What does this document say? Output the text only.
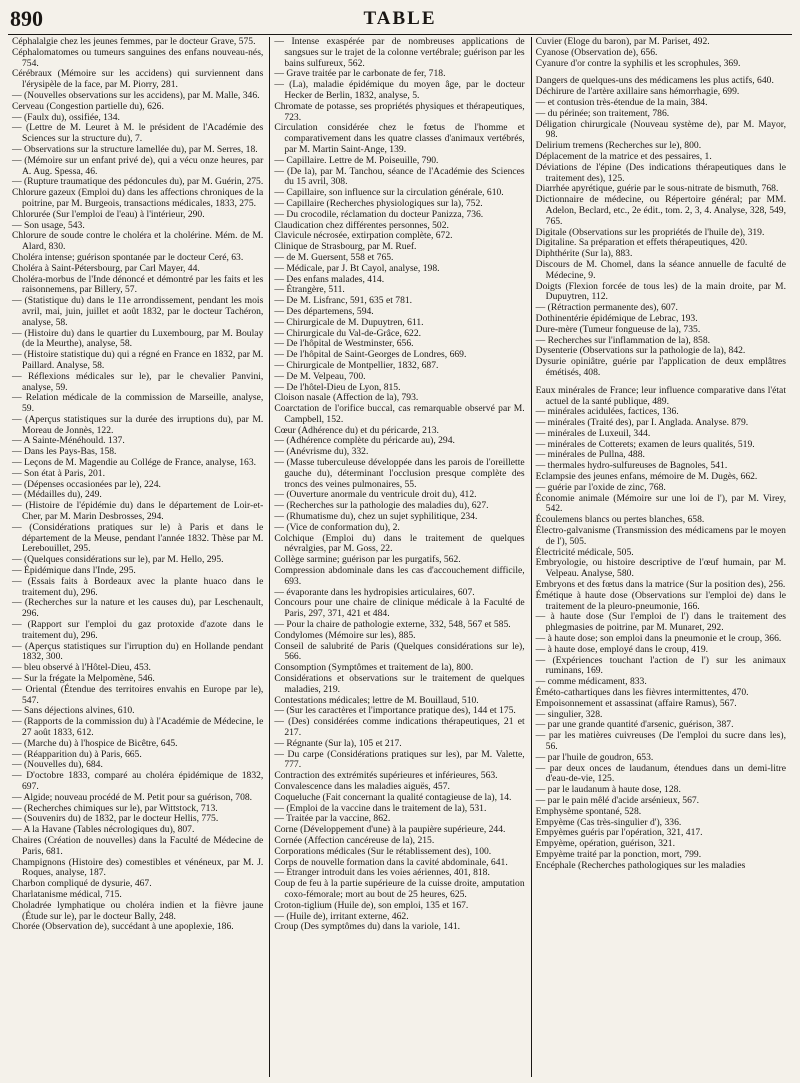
890	TABLE

Céphalalgie chez les jeunes femmes, par le docteur Grave, 575.

Céphalomatomes ou tumeurs sanguines des enfans nouveau-nés, 754.

Cérébraux (Mémoire sur les accidens) qui surviennent dans l'érysipèle de la face, par M. Piorry, 281.

— (Nouvelles observations sur les accidens), par M. Malle, 346.

Cerveau (Congestion partielle du), 626.

— (Faulx du), ossifiée, 134.

— (Lettre de M. Leuret à M. le président de l'Académie des Sciences sur la structure du), 7.

— Observations sur la structure lamellée du), par M. Serres, 18.

— (Mémoire sur un enfant privé de), qui a vécu onze heures, par A. Aug. Spessa, 46.

— (Rupture traumatique des pédoncules du), par M. Guérin, 275.

Chlorure gazeux (Emploi du) dans les affections chroniques de la poitrine, par M. Burgeois, transactions médicales, 1833, 275.

Chlorurée (Sur l'emploi de l'eau) à l'intérieur, 290.

— Son usage, 543.

Chlorure de soude contre le choléra et la cholérine. Mém. de M. Alard, 830.

Choléra intense; guérison spontanée par le docteur Ceré, 63.

Choléra à Saint-Pétersbourg, par Carl Mayer, 44.

Choléra-morbus de l'Inde dénoncé et démontré par les faits et les raisonnemens, par Billery, 57.

— (Statistique du) dans le 11e arrondissement, pendant les mois avril, mai, juin, juillet et août 1832, par le docteur Tachéron, analyse, 58.

— (Histoire du) dans le quartier du Luxembourg, par M. Boulay (de la Meurthe), analyse, 58.

— (Histoire statistique du) qui a régné en France en 1832, par M. Paillard. Analyse, 58.

— Réflexions médicales sur le), par le chevalier Panvini, analyse, 59.

— Relation médicale de la commission de Marseille, analyse, 59.

— (Aperçus statistiques sur la durée des irruptions du), par M. Moreau de Jonnès, 122.

— A Sainte-Ménéhould. 137.

— Dans les Pays-Bas, 158.

— Leçons de M. Magendie au Collége de France, analyse, 163.

— Son état à Paris, 201.

— (Dépenses occasionées par le), 224.

— (Médailles du), 249.

— (Histoire de l'épidémie du) dans le département de Loir-et-Cher, par M. Marin Desbrosses, 294.

— (Considérations pratiques sur le) à Paris et dans le département de la Meuse, pendant l'année 1832. Thèse par M. Lerebouillet, 295.

— (Quelques considérations sur le), par M. Hello, 295.

— Épidémique dans l'Inde, 295.

— (Essais faits à Bordeaux avec la plante huaco dans le traitement du), 296.

— (Recherches sur la nature et les causes du), par Leschenault, 296.

— (Rapport sur l'emploi du gaz protoxide d'azote dans le traitement du), 296.

— (Aperçus statistiques sur l'irruption du) en Hollande pendant 1832, 300.

— bleu observé à l'Hôtel-Dieu, 453.

— Sur la frégate la Melpomène, 546.

— Oriental (Étendue des territoires envahis en Europe par le), 547.

— Sans déjections alvines, 610.

— (Rapports de la commission du) à l'Académie de Médecine, le 27 août 1833, 612.

— (Marche du) à l'hospice de Bicêtre, 645.

— (Réapparition du) à Paris, 665.

— (Nouvelles du), 684.

— D'octobre 1833, comparé au choléra épidémique de 1832, 697.

— Algide; nouveau procédé de M. Petit pour sa guérison, 708.

— (Recherches chimiques sur le), par Wittstock, 713.

— (Souvenirs du) de 1832, par le docteur Hellis, 775.

— A la Havane (Tables nécrologiques du), 807.

Chaires (Création de nouvelles) dans la Faculté de Médecine de Paris, 681.

Champignons (Histoire des) comestibles et vénéneux, par M. J. Roques, analyse, 187.

Charbon compliqué de dysurie, 467.

Charlatanisme médical, 715.

Choladrée lymphatique ou choléra indien et la fièvre jaune (Étude sur le), par le docteur Bally, 248.

Chorée (Observation de), succédant à une apoplexie, 186.

— Intense exaspérée par de nombreuses applications de sangsues sur le trajet de la colonne vertébrale; guérison par les bains sulfureux, 562.

— Grave traitée par le carbonate de fer, 718.

— (La), maladie épidémique du moyen âge, par le docteur Hecker de Berlin, 1832, analyse, 5.

Chromate de potasse, ses propriétés physiques et thérapeutiques, 723.

Circulation considérée chez le fœtus de l'homme et comparativement dans les quatre classes d'animaux vertébrés, par M. Martin Saint-Ange, 139.

— Capillaire. Lettre de M. Poiseuille, 790.

— (De la), par M. Tanchou, séance de l'Académie des Sciences du 15 avril, 308.

— Capillaire, son influence sur la circulation générale, 610.

— Capillaire (Recherches physiologiques sur la), 752.

— Du crocodile, réclamation du docteur Panizza, 736.

Claudication chez différentes personnes, 502.

Clavicule nécrosée, extirpation complète, 672.

Clinique de Strasbourg, par M. Ruef.

— de M. Guersent, 558 et 765.

— Médicale, par J. Bt Cayol, analyse, 198.

— Des enfans malades, 414.

— Étrangère, 511.

— De M. Lisfranc, 591, 635 et 781.

— Des départemens, 594.

— Chirurgicale de M. Dupuytren, 611.

— Chirurgicale du Val-de-Grâce, 622.

— De l'hôpital de Westminster, 656.

— De l'hôpital de Saint-Georges de Londres, 669.

— Chirurgicale de Montpellier, 1832, 687.

— De M. Velpeau, 700.

— De l'hôtel-Dieu de Lyon, 815.

Cloison nasale (Affection de la), 793.

Coarctation de l'orifice buccal, cas remarquable observé par M. Campbell, 152.

Cœur (Adhérence du) et du péricarde, 213.

— (Adhérence complète du péricarde au), 294.

— (Anévrisme du), 332.

— (Masse tuberculeuse développée dans les parois de l'oreillette gauche du), déterminant l'occlusion presque complète des troncs des veines pulmonaires, 55.

— (Ouverture anormale du ventricule droit du), 412.

— (Recherches sur la pathologie des maladies du), 627.

— (Rhumatisme du), chez un sujet syphilitique, 234.

— (Vice de conformation du), 2.

Colchique (Emploi du) dans le traitement de quelques névralgies, par M. Goss, 22.

Collège sarmine; guérison par les purgatifs, 562.

Compression abdominale dans les cas d'accouchement difficile, 693.

— évaporante dans les hydropisies articulaires, 607.

Concours pour une chaire de clinique médicale à la Faculté de Paris, 297, 371, 421 et 484.

— Pour la chaire de pathologie externe, 332, 548, 567 et 585.

Condylomes (Mémoire sur les), 885.

Conseil de salubrité de Paris (Quelques considérations sur le), 566.

Consomption (Symptômes et traitement de la), 800.

Considérations et observations sur le traitement de quelques maladies, 219.

Contestations médicales; lettre de M. Bouillaud, 510.

— (Sur les caractères et l'importance pratique des), 144 et 175.

— (Des) considérées comme indications thérapeutiques, 21 et 217.

— Régnante (Sur la), 105 et 217.

— Du carpe (Considérations pratiques sur les), par M. Valette, 777.

Contraction des extrémités supérieures et inférieures, 563.

Convalescence dans les maladies aiguës, 457.

Coqueluche (Fait concernant la qualité contagieuse de la), 14.

— (Emploi de la vaccine dans le traitement de la), 531.

— Traitée par la vaccine, 862.

Corne (Développement d'une) à la paupière supérieure, 244.

Cornée (Affection cancéreuse de la), 215.

Corporations médicales (Sur le rétablissement des), 100.

Corps de nouvelle formation dans la cavité abdominale, 641.

— Etranger introduit dans les voies aériennes, 401, 818.

Coup de feu à la partie supérieure de la cuisse droite, amputation coxo-fémorale; mort au bout de 25 heures, 625.

Croton-tiglium (Huile de), son emploi, 135 et 167.

— (Huile de), irritant externe, 462.

Croup (Des symptômes du) dans la variole, 141.

Cuvier (Éloge du baron), par M. Pariset, 492.

Cyanose (Observation de), 656.

Cyanure d'or contre la syphilis et les scrophules, 369.

Dangers de quelques-uns des médicamens les plus actifs, 640.

Déchirure de l'artère axillaire sans hémorrhagie, 699.

— et contusion très-étendue de la main, 384.

— du périnée; son traitement, 786.

Déligation chirurgicale (Nouveau système de), par M. Mayor, 98.

Delirium tremens (Recherches sur le), 800.

Déplacement de la matrice et des pessaires, 1.

Déviations de l'épine (Des indications thérapeutiques dans le traitement des), 125.

Diarrhée apyrétique, guérie par le sous-nitrate de bismuth, 768.

Dictionnaire de médecine, ou Répertoire général; par MM. Adelon, Beclard, etc., 2e édit., tom. 2, 3, 4. Analyse, 328, 549, 765.

Digitale (Observations sur les propriétés de l'huile de), 319.

Digitaline. Sa préparation et effets thérapeutiques, 420.

Diphthérite (Sur la), 883.

Discours de M. Chomel, dans la séance annuelle de faculté de Médecine, 9.

Doigts (Flexion forcée de tous les) de la main droite, par M. Dupuytren, 112.

— (Rétraction permanente des), 607.

Dothinentérie épidémique de Lebrac, 193.

Dure-mère (Tumeur fongueuse de la), 735.

— Recherches sur l'inflammation de la), 858.

Dysenterie (Observations sur la pathologie de la), 842.

Dysurie opiniâtre, guérie par l'application de deux emplâtres émétisés, 408.

Eaux minérales de France; leur influence comparative dans l'état actuel de la santé publique, 489.

— minérales acidulées, factices, 136.

— minérales (Traité des), par I. Anglada. Analyse. 879.

— minérales de Luxeuil, 344.

— minérales de Cotterets; examen de leurs qualités, 519.

— minérales de Pullna, 488.

— thermales hydro-sulfureuses de Bagnoles, 541.

Eclampsie des jeunes enfans, mémoire de M. Dugès, 662.

— guérie par l'oxide de zinc, 768.

Économie animale (Mémoire sur une loi de l'), par M. Virey, 542.

Écoulemens blancs ou pertes blanches, 658.

Électro-galvanisme (Transmission des médicamens par le moyen de l'), 505.

Électricité médicale, 505.

Embryologie, ou histoire descriptive de l'œuf humain, par M. Velpeau. Analyse, 580.

Embryons et des fœtus dans la matrice (Sur la position des), 256.

Émétique à haute dose (Observations sur l'emploi de) dans le traitement de la pleuro-pneumonie, 166.

— à haute dose (Sur l'emploi de l') dans le traitement des phlegmasies de poitrine, par M. Munaret, 292.

— à haute dose; son emploi dans la pneumonie et le croup, 366.

— à haute dose, employé dans le croup, 419.

— (Expériences touchant l'action de l') sur les animaux ruminans, 169.

— comme médicament, 833.

Éméto-cathartiques dans les fièvres intermittentes, 470.

Empoisonnement et assassinat (affaire Ramus), 567.

— singulier, 328.

— par une grande quantité d'arsenic, guérison, 387.

— par les matières cuivreuses (De l'emploi du sucre dans les), 56.

— par l'huile de goudron, 653.

— par deux onces de laudanum, étendues dans un demi-litre d'eau-de-vie, 125.

— par le laudanum à haute dose, 128.

— par le pain mêlé d'acide arsénieux, 567.

Emphysème spontané, 528.

Empyème (Cas très-singulier d'), 336.

Empyèmes guéris par l'opération, 321, 417.

Empyème, opération, guérison, 321.

Empyème traité par la ponction, mort, 799.

Encéphale (Recherches pathologiques sur les maladies
